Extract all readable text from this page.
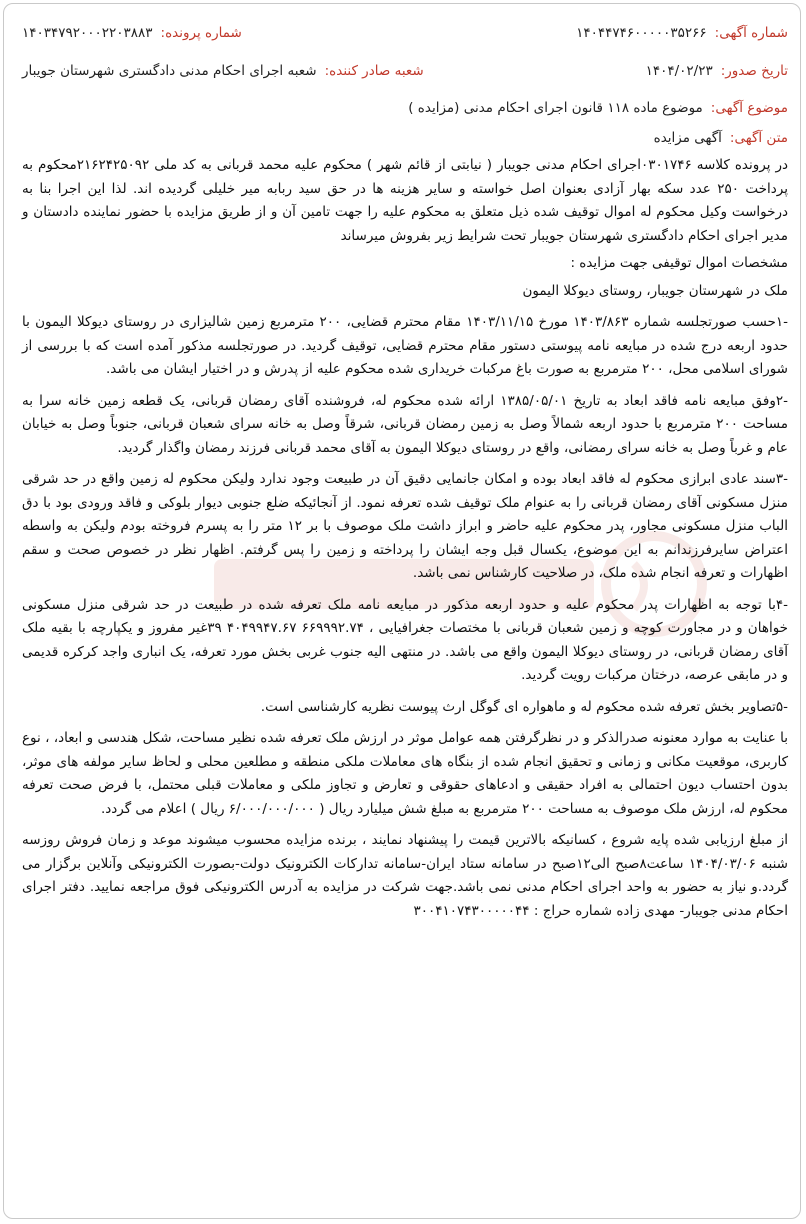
شماره آگهی:
۱۴۰۴۴۷۴۶۰۰۰۰۰۳۵۲۶۶
شماره پرونده:
۱۴۰۳۴۷۹۲۰۰۰۲۲۰۳۸۸۳
تاریخ صدور:
۱۴۰۴/۰۲/۲۳
شعبه صادر کننده:
شعبه اجرای احکام مدنی دادگستری شهرستان جویبار
موضوع آگهی:
موضوع ماده ۱۱۸ قانون اجرای احکام مدنی (مزایده )
متن آگهی:
آگهی مزایده

در پرونده کلاسه ۰۳۰۱۷۴۶اجرای احکام مدنی جویبار ( نیابتی از قائم شهر ) محکوم علیه محمد قربانی به کد ملی ۲۱۶۲۴۲۵۰۹۲محکوم به پرداخت ۲۵۰ عدد سکه بهار آزادی بعنوان اصل خواسته و سایر هزینه ها در حق سید ربابه میر خلیلی گردیده اند. لذا این اجرا بنا به درخواست وکیل محکوم له اموال توقیف شده ذیل متعلق به محکوم علیه را جهت تامین آن و از طریق مزایده با حضور نماینده دادستان و مدیر اجرای احکام دادگستری شهرستان جویبار تحت شرایط زیر بفروش میرساند

مشخصات اموال توقیفی جهت مزایده :

ملک در شهرستان جویبار، روستای دیوکلا الیمون

-۱حسب صورتجلسه شماره ۱۴۰۳/۸۶۳ مورخ ۱۴۰۳/۱۱/۱۵ مقام محترم قضایی، ۲۰۰ مترمربع زمین شالیزاری در روستای دیوکلا الیمون با حدود اربعه درج شده در مبایعه نامه پیوستی دستور مقام محترم قضایی، توقیف گردید. در صورتجلسه مذکور آمده است که با بررسی از شورای اسلامی محل، ۲۰۰ مترمربع به صورت باغ مرکبات خریداری شده محکوم علیه از پدرش و در اختیار ایشان می باشد.

-۲وفق مبایعه نامه فاقد ابعاد به تاریخ ۱۳۸۵/۰۵/۰۱ ارائه شده محکوم له، فروشنده آقای رمضان قربانی، یک قطعه زمین خانه سرا به مساحت ۲۰۰ مترمربع با حدود اربعه شمالاً وصل به زمین رمضان قربانی، شرقاً وصل به خانه سرای شعبان قربانی، جنوباً وصل به خیابان عام و غرباً وصل به خانه سرای رمضانی، واقع در روستای دیوکلا الیمون به آقای محمد قربانی فرزند رمضان واگذار گردید.

-۳سند عادی ابرازی محکوم له فاقد ابعاد بوده و امکان جانمایی دقیق آن در طبیعت وجود ندارد ولیکن محکوم له زمین واقع در حد شرقی منزل مسکونی آقای رمضان قربانی را به عنوام ملک توقیف شده تعرفه نمود. از آنجائیکه ضلع جنوبی دیوار بلوکی و فاقد ورودی بود با دق الباب منزل مسکونی مجاور، پدر محکوم علیه حاضر و ابراز داشت ملک موصوف با بر ۱۲ متر را به پسرم فروخته بودم ولیکن به واسطه اعتراض سایرفرزندانم به این موضوع، یکسال قبل وجه ایشان را پرداخته و زمین را پس گرفتم. اظهار نظر در خصوص صحت و سقم اظهارات و تعرفه انجام شده ملک، در صلاحیت کارشناس نمی باشد.

-۴با توجه به اظهارات پدر محکوم علیه و حدود اربعه مذکور در مبایعه نامه ملک تعرفه شده در طبیعت در حد شرقی منزل مسکونی خواهان و در مجاورت کوچه و زمین شعبان قربانی با مختصات جغرافیایی ، ۶۶۹۹۹۲.۷۴ ۴۰۴۹۹۴۷.۶۷ ۳۹غیر مفروز و یکپارچه با بقیه ملک آقای رمضان قربانی، در روستای دیوکلا الیمون واقع می باشد. در منتهی الیه جنوب غربی بخش مورد تعرفه، یک انباری واجد کرکره قدیمی و در مابقی عرصه، درختان مرکبات رویت گردید.

-۵تصاویر بخش تعرفه شده محکوم له و ماهواره ای گوگل ارث پیوست نظریه کارشناسی است.

با عنایت به موارد معنونه صدرالذکر و در نظرگرفتن همه عوامل موثر در ارزش ملک تعرفه شده نظیر مساحت، شکل هندسی و ابعاد، ، نوع کاربری، موقعیت مکانی و زمانی و تحقیق انجام شده از بنگاه های معاملات ملکی منطقه و مطلعین محلی و لحاظ سایر مولفه های موثر، بدون احتساب دیون احتمالی به افراد حقیقی و ادعاهای حقوقی و تعارض و تجاوز ملکی و معاملات قبلی محتمل، با فرض صحت تعرفه محکوم له، ارزش ملک موصوف به مساحت ۲۰۰ مترمربع به مبلغ شش میلیارد ریال ( ۶/۰۰۰/۰۰۰/۰۰۰ ریال ) اعلام می گردد.

از مبلغ ارزیابی شده پایه شروع ، کسانیکه بالاترین قیمت را پیشنهاد نمایند ، برنده مزایده محسوب میشوند موعد و زمان فروش روزسه شنبه ۱۴۰۴/۰۳/۰۶ ساعت۸صبح الی۱۲صبح در سامانه ستاد ایران-سامانه تدارکات الکترونیک دولت-بصورت الکترونیکی وآنلاین برگزار می گردد.و نیاز به حضور به واحد اجرای احکام مدنی نمی باشد.جهت شرکت در مزایده به آدرس الکترونیکی فوق مراجعه نمایید. دفتر اجرای احکام مدنی جویبار- مهدی زاده شماره حراج : ۳۰۰۴۱۰۷۴۳۰۰۰۰۰۴۴
